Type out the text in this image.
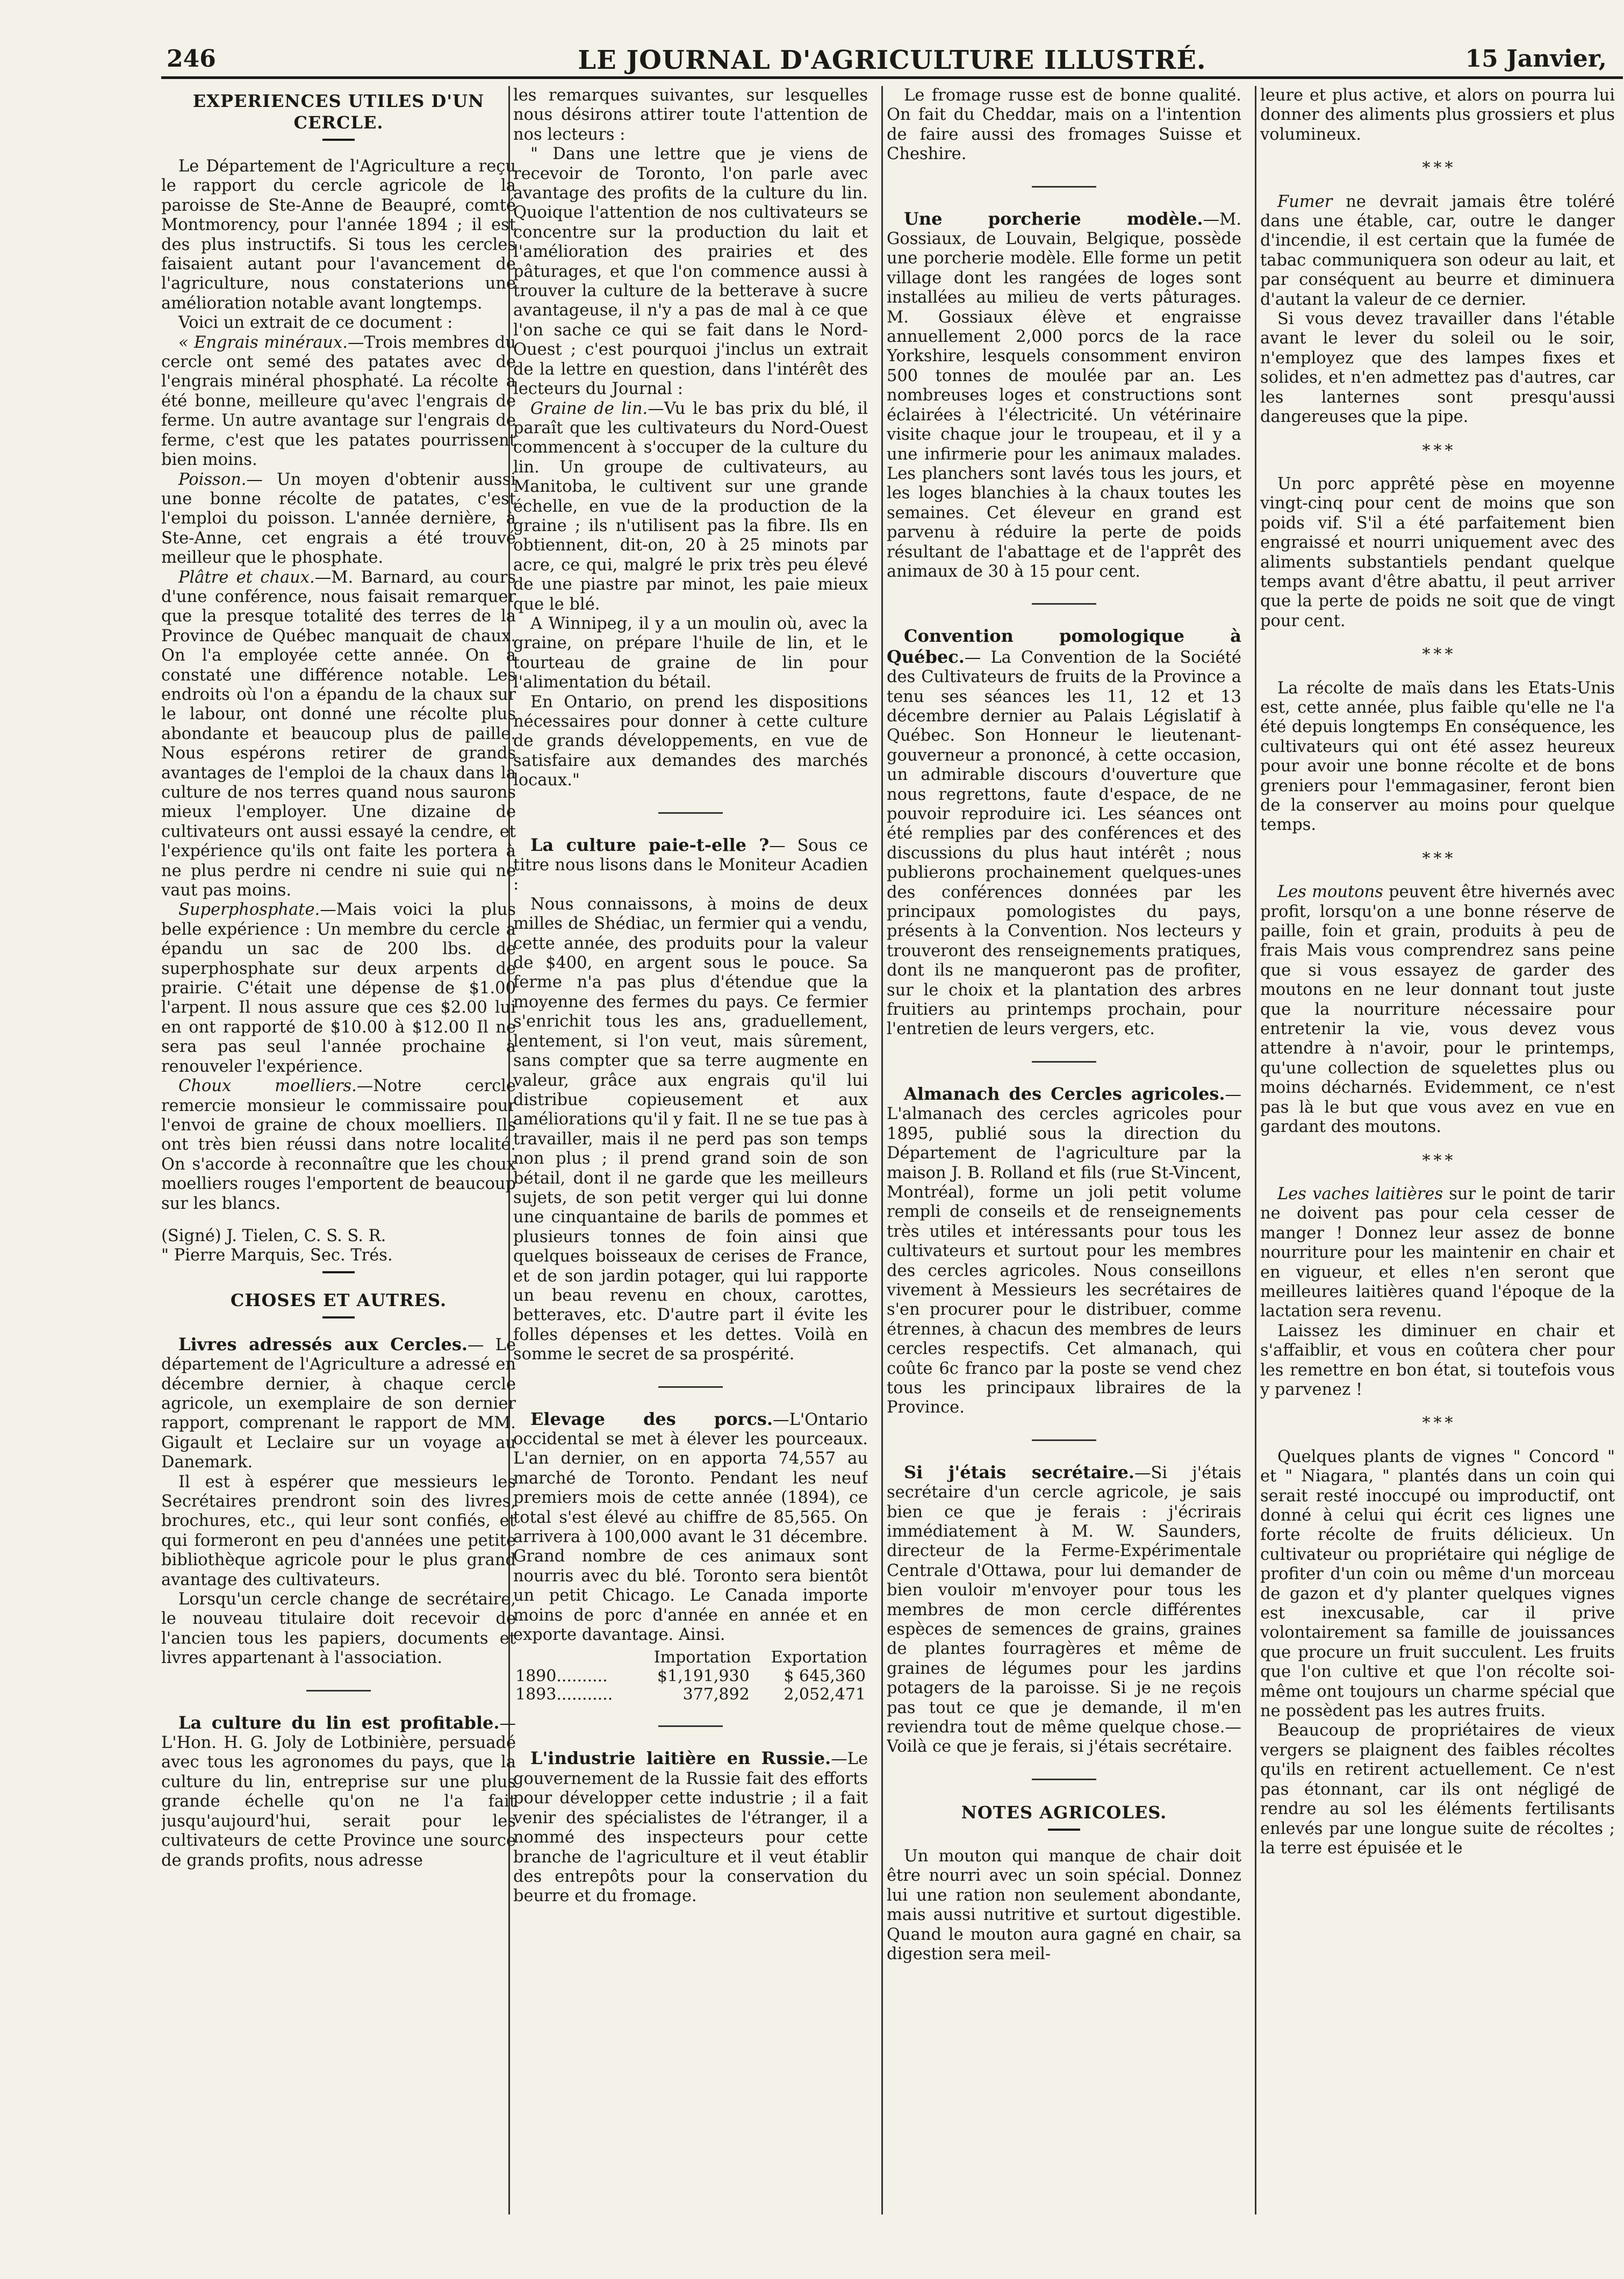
246	LE JOURNAL D'AGRICULTURE ILLUSTRÉ.	15 Janvier,
EXPERIENCES UTILES D'UN CERCLE.

Le Département de l'Agriculture a reçu le rapport du cercle agricole de la paroisse de Ste-Anne de Beaupré, comté Montmorency, pour l'année 1894 ; il est des plus instructifs. Si tous les cercles faisaient autant pour l'avancement de l'agriculture, nous constaterions une amélioration notable avant longtemps.

Voici un extrait de ce document :

« Engrais minéraux.—Trois membres du cercle ont semé des patates avec de l'engrais minéral phosphaté. La récolte a été bonne, meilleure qu'avec l'engrais de ferme. Un autre avantage sur l'engrais de ferme, c'est que les patates pourrissent bien moins.

Poisson.— Un moyen d'obtenir aussi une bonne récolte de patates, c'est l'emploi du poisson. L'année dernière, à Ste-Anne, cet engrais a été trouvé meilleur que le phosphate.

Plâtre et chaux.—M. Barnard, au cours d'une conférence, nous faisait remarquer que la presque totalité des terres de la Province de Québec manquait de chaux. On l'a employée cette année. On a constaté une différence notable. Les endroits où l'on a épandu de la chaux sur le labour, ont donné une récolte plus abondante et beaucoup plus de paille. Nous espérons retirer de grands avantages de l'emploi de la chaux dans la culture de nos terres quand nous saurons mieux l'employer. Une dizaine de cultivateurs ont aussi essayé la cendre, et l'expérience qu'ils ont faite les portera à ne plus perdre ni cendre ni suie qui ne vaut pas moins.

Superphosphate.—Mais voici la plus belle expérience : Un membre du cercle a épandu un sac de 200 lbs. de superphosphate sur deux arpents de prairie. C'était une dépense de $1.00 l'arpent. Il nous assure que ces $2.00 lui en ont rapporté de $10.00 à $12.00 Il ne sera pas seul l'année prochaine à renouveler l'expérience.

Choux moelliers.—Notre cercle remercie monsieur le commissaire pour l'envoi de graine de choux moelliers. Ils ont très bien réussi dans notre localité. On s'accorde à reconnaître que les choux moelliers rouges l'emportent de beaucoup sur les blancs.

(Signé) J. Tielen, C. S. S. R.

" Pierre Marquis, Sec. Trés.

CHOSES ET AUTRES.

Livres adressés aux Cercles.— Le département de l'Agriculture a adressé en décembre dernier, à chaque cercle agricole, un exemplaire de son dernier rapport, comprenant le rapport de MM. Gigault et Leclaire sur un voyage au Danemark.

Il est à espérer que messieurs les Secrétaires prendront soin des livres, brochures, etc., qui leur sont confiés, et qui formeront en peu d'années une petite bibliothèque agricole pour le plus grand avantage des cultivateurs.

Lorsqu'un cercle change de secrétaire, le nouveau titulaire doit recevoir de l'ancien tous les papiers, documents et livres appartenant à l'association.

La culture du lin est profitable.— L'Hon. H. G. Joly de Lotbinière, persuadé avec tous les agronomes du pays, que la culture du lin, entreprise sur une plus grande échelle qu'on ne l'a fait jusqu'aujourd'hui, serait pour les cultivateurs de cette Province une source de grands profits, nous adresse

les remarques suivantes, sur lesquelles nous désirons attirer toute l'attention de nos lecteurs :

" Dans une lettre que je viens de recevoir de Toronto, l'on parle avec avantage des profits de la culture du lin. Quoique l'attention de nos cultivateurs se concentre sur la production du lait et l'amélioration des prairies et des pâturages, et que l'on commence aussi à trouver la culture de la betterave à sucre avantageuse, il n'y a pas de mal à ce que l'on sache ce qui se fait dans le Nord-Ouest ; c'est pourquoi j'inclus un extrait de la lettre en question, dans l'intérêt des lecteurs du Journal :

Graine de lin.—Vu le bas prix du blé, il paraît que les cultivateurs du Nord-Ouest commencent à s'occuper de la culture du lin. Un groupe de cultivateurs, au Manitoba, le cultivent sur une grande échelle, en vue de la production de la graine ; ils n'utilisent pas la fibre. Ils en obtiennent, dit-on, 20 à 25 minots par acre, ce qui, malgré le prix très peu élevé de une piastre par minot, les paie mieux que le blé.

A Winnipeg, il y a un moulin où, avec la graine, on prépare l'huile de lin, et le tourteau de graine de lin pour l'alimentation du bétail.

En Ontario, on prend les dispositions nécessaires pour donner à cette culture de grands développements, en vue de satisfaire aux demandes des marchés locaux."

La culture paie-t-elle ?— Sous ce titre nous lisons dans le Moniteur Acadien :

Nous connaissons, à moins de deux milles de Shédiac, un fermier qui a vendu, cette année, des produits pour la valeur de $400, en argent sous le pouce. Sa ferme n'a pas plus d'étendue que la moyenne des fermes du pays. Ce fermier s'enrichit tous les ans, graduellement, lentement, si l'on veut, mais sûrement, sans compter que sa terre augmente en valeur, grâce aux engrais qu'il lui distribue copieusement et aux améliorations qu'il y fait. Il ne se tue pas à travailler, mais il ne perd pas son temps non plus ; il prend grand soin de son bétail, dont il ne garde que les meilleurs sujets, de son petit verger qui lui donne une cinquantaine de barils de pommes et plusieurs tonnes de foin ainsi que quelques boisseaux de cerises de France, et de son jardin potager, qui lui rapporte un beau revenu en choux, carottes, betteraves, etc. D'autre part il évite les folles dépenses et les dettes. Voilà en somme le secret de sa prospérité.

Elevage des porcs.—L'Ontario occidental se met à élever les pourceaux. L'an dernier, on en apporta 74,557 au marché de Toronto. Pendant les neuf premiers mois de cette année (1894), ce total s'est élevé au chiffre de 85,565. On arrivera à 100,000 avant le 31 décembre. Grand nombre de ces animaux sont nourris avec du blé. Toronto sera bientôt un petit Chicago. Le Canada importe moins de porc d'année en année et en exporte davantage. Ainsi.

	Importation	Exportation
1890..........	$1,191,930	$ 645,360
1893...........	377,892	2,052,471

L'industrie laitière en Russie.—Le gouvernement de la Russie fait des efforts pour développer cette industrie ; il a fait venir des spécialistes de l'étranger, il a nommé des inspecteurs pour cette branche de l'agriculture et il veut établir des entrepôts pour la conservation du beurre et du fromage.

Le fromage russe est de bonne qualité. On fait du Cheddar, mais on a l'intention de faire aussi des fromages Suisse et Cheshire.

Une porcherie modèle.—M. Gossiaux, de Louvain, Belgique, possède une porcherie modèle. Elle forme un petit village dont les rangées de loges sont installées au milieu de verts pâturages. M. Gossiaux élève et engraisse annuellement 2,000 porcs de la race Yorkshire, lesquels consomment environ 500 tonnes de moulée par an. Les nombreuses loges et constructions sont éclairées à l'électricité. Un vétérinaire visite chaque jour le troupeau, et il y a une infirmerie pour les animaux malades. Les planchers sont lavés tous les jours, et les loges blanchies à la chaux toutes les semaines. Cet éleveur en grand est parvenu à réduire la perte de poids résultant de l'abattage et de l'apprêt des animaux de 30 à 15 pour cent.

Convention pomologique à Québec.— La Convention de la Société des Cultivateurs de fruits de la Province a tenu ses séances les 11, 12 et 13 décembre dernier au Palais Législatif à Québec. Son Honneur le lieutenant-gouverneur a prononcé, à cette occasion, un admirable discours d'ouverture que nous regrettons, faute d'espace, de ne pouvoir reproduire ici. Les séances ont été remplies par des conférences et des discussions du plus haut intérêt ; nous publierons prochainement quelques-unes des conférences données par les principaux pomologistes du pays, présents à la Convention. Nos lecteurs y trouveront des renseignements pratiques, dont ils ne manqueront pas de profiter, sur le choix et la plantation des arbres fruitiers au printemps prochain, pour l'entretien de leurs vergers, etc.

Almanach des Cercles agricoles.— L'almanach des cercles agricoles pour 1895, publié sous la direction du Département de l'agriculture par la maison J. B. Rolland et fils (rue St-Vincent, Montréal), forme un joli petit volume rempli de conseils et de renseignements très utiles et intéressants pour tous les cultivateurs et surtout pour les membres des cercles agricoles. Nous conseillons vivement à Messieurs les secrétaires de s'en procurer pour le distribuer, comme étrennes, à chacun des membres de leurs cercles respectifs. Cet almanach, qui coûte 6c franco par la poste se vend chez tous les principaux libraires de la Province.

Si j'étais secrétaire.—Si j'étais secrétaire d'un cercle agricole, je sais bien ce que je ferais : j'écrirais immédiatement à M. W. Saunders, directeur de la Ferme-Expérimentale Centrale d'Ottawa, pour lui demander de bien vouloir m'envoyer pour tous les membres de mon cercle différentes espèces de semences de grains, graines de plantes fourragères et même de graines de légumes pour les jardins potagers de la paroisse. Si je ne reçois pas tout ce que je demande, il m'en reviendra tout de même quelque chose.—Voilà ce que je ferais, si j'étais secrétaire.

NOTES AGRICOLES.

Un mouton qui manque de chair doit être nourri avec un soin spécial. Donnez lui une ration non seulement abondante, mais aussi nutritive et surtout digestible. Quand le mouton aura gagné en chair, sa digestion sera meil-

leure et plus active, et alors on pourra lui donner des aliments plus grossiers et plus volumineux.

* * *

Fumer ne devrait jamais être toléré dans une étable, car, outre le danger d'incendie, il est certain que la fumée de tabac communiquera son odeur au lait, et par conséquent au beurre et diminuera d'autant la valeur de ce dernier.

Si vous devez travailler dans l'étable avant le lever du soleil ou le soir, n'employez que des lampes fixes et solides, et n'en admettez pas d'autres, car les lanternes sont presqu'aussi dangereuses que la pipe.

* * *

Un porc apprêté pèse en moyenne vingt-cinq pour cent de moins que son poids vif. S'il a été parfaitement bien engraissé et nourri uniquement avec des aliments substantiels pendant quelque temps avant d'être abattu, il peut arriver que la perte de poids ne soit que de vingt pour cent.

* * *

La récolte de maïs dans les Etats-Unis est, cette année, plus faible qu'elle ne l'a été depuis longtemps En conséquence, les cultivateurs qui ont été assez heureux pour avoir une bonne récolte et de bons greniers pour l'emmagasiner, feront bien de la conserver au moins pour quelque temps.

* * *

Les moutons peuvent être hivernés avec profit, lorsqu'on a une bonne réserve de paille, foin et grain, produits à peu de frais Mais vous comprendrez sans peine que si vous essayez de garder des moutons en ne leur donnant tout juste que la nourriture nécessaire pour entretenir la vie, vous devez vous attendre à n'avoir, pour le printemps, qu'une collection de squelettes plus ou moins décharnés. Evidemment, ce n'est pas là le but que vous avez en vue en gardant des moutons.

* * *

Les vaches laitières sur le point de tarir ne doivent pas pour cela cesser de manger ! Donnez leur assez de bonne nourriture pour les maintenir en chair et en vigueur, et elles n'en seront que meilleures laitières quand l'époque de la lactation sera revenu.

Laissez les diminuer en chair et s'affaiblir, et vous en coûtera cher pour les remettre en bon état, si toutefois vous y parvenez !

* * *

Quelques plants de vignes " Concord " et " Niagara, " plantés dans un coin qui serait resté inoccupé ou improductif, ont donné à celui qui écrit ces lignes une forte récolte de fruits délicieux. Un cultivateur ou propriétaire qui néglige de profiter d'un coin ou même d'un morceau de gazon et d'y planter quelques vignes est inexcusable, car il prive volontairement sa famille de jouissances que procure un fruit succulent. Les fruits que l'on cultive et que l'on récolte soi-même ont toujours un charme spécial que ne possèdent pas les autres fruits.

Beaucoup de propriétaires de vieux vergers se plaignent des faibles récoltes qu'ils en retirent actuellement. Ce n'est pas étonnant, car ils ont négligé de rendre au sol les éléments fertilisants enlevés par une longue suite de récoltes ; la terre est épuisée et le
